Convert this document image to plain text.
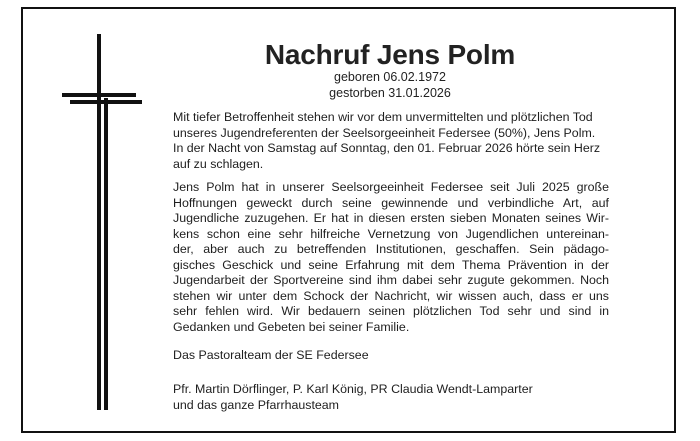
Nachruf Jens Polm
geboren 06.02.1972
gestorben 31.01.2026
Mit tiefer Betroffenheit stehen wir vor dem unvermittelten und plötzlichen Tod
unseres Jugendreferenten der Seelsorgeeinheit Federsee (50%), Jens Polm.
In der Nacht von Samstag auf Sonntag, den 01. Februar 2026 hörte sein Herz
auf zu schlagen.
Jens Polm hat in unserer Seelsorgeeinheit Federsee seit Juli 2025 große
Hoffnungen geweckt durch seine gewinnende und verbindliche Art, auf
Jugendliche zuzugehen. Er hat in diesen ersten sieben Monaten seines Wir-
kens schon eine sehr hilfreiche Vernetzung von Jugendlichen untereinan-
der, aber auch zu betreffenden Institutionen, geschaffen. Sein pädago-
gisches Geschick und seine Erfahrung mit dem Thema Prävention in der
Jugendarbeit der Sportvereine sind ihm dabei sehr zugute gekommen. Noch
stehen wir unter dem Schock der Nachricht, wir wissen auch, dass er uns
sehr fehlen wird. Wir bedauern seinen plötzlichen Tod sehr und sind in
Gedanken und Gebeten bei seiner Familie.
Das Pastoralteam der SE Federsee
Pfr. Martin Dörflinger, P. Karl König, PR Claudia Wendt-Lamparter
und das ganze Pfarrhausteam
